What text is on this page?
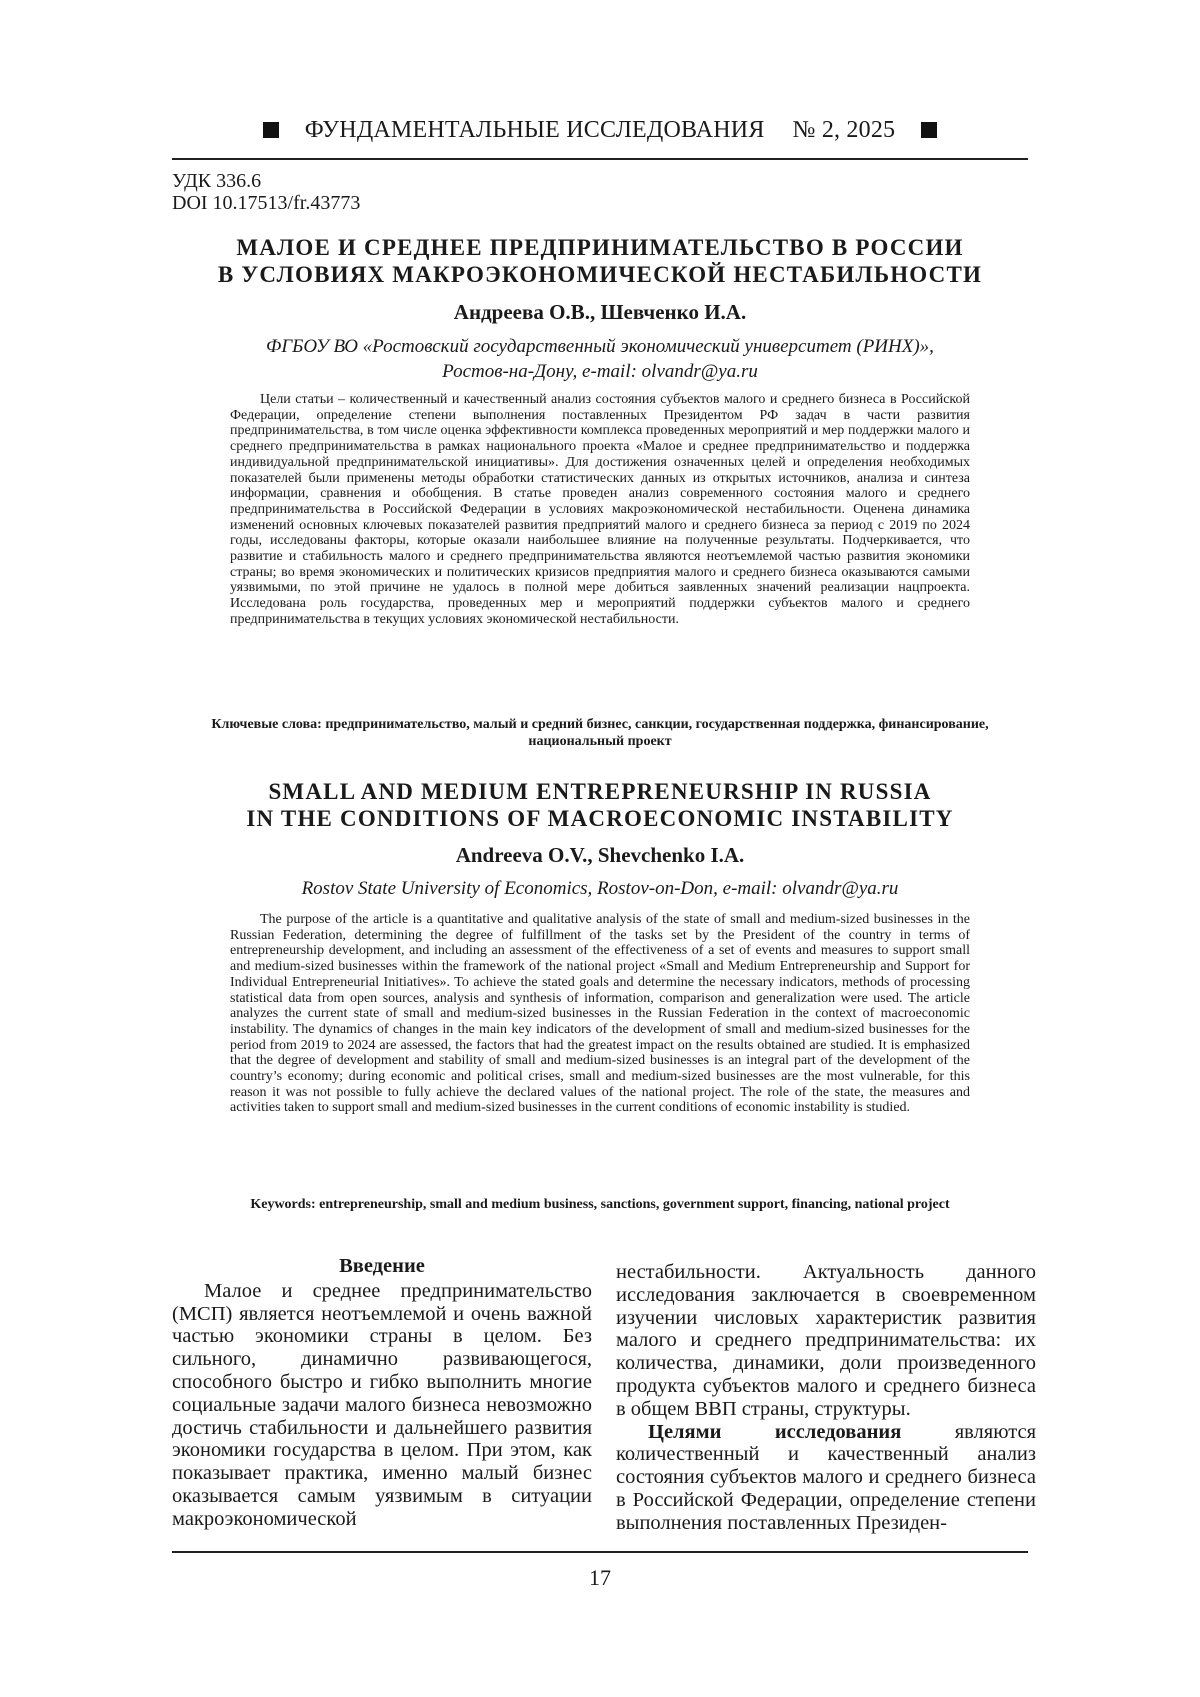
ФУНДАМЕНТАЛЬНЫЕ ИССЛЕДОВАНИЯ № 2, 2025
УДК 336.6
DOI 10.17513/fr.43773
МАЛОЕ И СРЕДНЕЕ ПРЕДПРИНИМАТЕЛЬСТВО В РОССИИ
В УСЛОВИЯХ МАКРОЭКОНОМИЧЕСКОЙ НЕСТАБИЛЬНОСТИ
Андреева О.В., Шевченко И.А.
ФГБОУ ВО «Ростовский государственный экономический университет (РИНХ)»,
Ростов-на-Дону, e-mail: olvandr@ya.ru
Цели статьи – количественный и качественный анализ состояния субъектов малого и среднего бизнеса в Российской Федерации, определение степени выполнения поставленных Президентом РФ задач в части развития предпринимательства, в том числе оценка эффективности комплекса проведенных мероприятий и мер поддержки малого и среднего предпринимательства в рамках национального проекта «Малое и среднее предпринимательство и поддержка индивидуальной предпринимательской инициативы». Для достижения означенных целей и определения необходимых показателей были применены методы обработки статистических данных из открытых источников, анализа и синтеза информации, сравнения и обобщения. В статье проведен анализ современного состояния малого и среднего предпринимательства в Российской Федерации в условиях макроэкономической нестабильности. Оценена динамика изменений основных ключевых показателей развития предприятий малого и среднего бизнеса за период с 2019 по 2024 годы, исследованы факторы, которые оказали наибольшее влияние на полученные результаты. Подчеркивается, что развитие и стабильность малого и среднего предпринимательства являются неотъемлемой частью развития экономики страны; во время экономических и политических кризисов предприятия малого и среднего бизнеса оказываются самыми уязвимыми, по этой причине не удалось в полной мере добиться заявленных значений реализации нацпроекта. Исследована роль государства, проведенных мер и мероприятий поддержки субъектов малого и среднего предпринимательства в текущих условиях экономической нестабильности.
Ключевые слова: предпринимательство, малый и средний бизнес, санкции, государственная поддержка, финансирование, национальный проект
SMALL AND MEDIUM ENTREPRENEURSHIP IN RUSSIA
IN THE CONDITIONS OF MACROECONOMIC INSTABILITY
Andreeva O.V., Shevchenko I.A.
Rostov State University of Economics, Rostov-on-Don, e-mail: olvandr@ya.ru
The purpose of the article is a quantitative and qualitative analysis of the state of small and medium-sized businesses in the Russian Federation, determining the degree of fulfillment of the tasks set by the President of the country in terms of entrepreneurship development, and including an assessment of the effectiveness of a set of events and measures to support small and medium-sized businesses within the framework of the national project «Small and Medium Entrepreneurship and Support for Individual Entrepreneurial Initiatives». To achieve the stated goals and determine the necessary indicators, methods of processing statistical data from open sources, analysis and synthesis of information, comparison and generalization were used. The article analyzes the current state of small and medium-sized businesses in the Russian Federation in the context of macroeconomic instability. The dynamics of changes in the main key indicators of the development of small and medium-sized businesses for the period from 2019 to 2024 are assessed, the factors that had the greatest impact on the results obtained are studied. It is emphasized that the degree of development and stability of small and medium-sized businesses is an integral part of the development of the country’s economy; during economic and political crises, small and medium-sized businesses are the most vulnerable, for this reason it was not possible to fully achieve the declared values of the national project. The role of the state, the measures and activities taken to support small and medium-sized businesses in the current conditions of economic instability is studied.
Keywords: entrepreneurship, small and medium business, sanctions, government support, financing, national project
Введение

Малое и среднее предпринимательство (МСП) является неотъемлемой и очень важной частью экономики страны в целом. Без сильного, динамично развивающегося, способного быстро и гибко выполнить многие социальные задачи малого бизнеса невозможно достичь стабильности и дальнейшего развития экономики государства в целом. При этом, как показывает практика, именно малый бизнес оказывается самым уязвимым в ситуации макроэкономической

нестабильности. Актуальность данного исследования заключается в своевременном изучении числовых характеристик развития малого и среднего предпринимательства: их количества, динамики, доли произведенного продукта субъектов малого и среднего бизнеса в общем ВВП страны, структуры.

Целями исследования являются количественный и качественный анализ состояния субъектов малого и среднего бизнеса в Российской Федерации, определение степени выполнения поставленных Президен-

17
